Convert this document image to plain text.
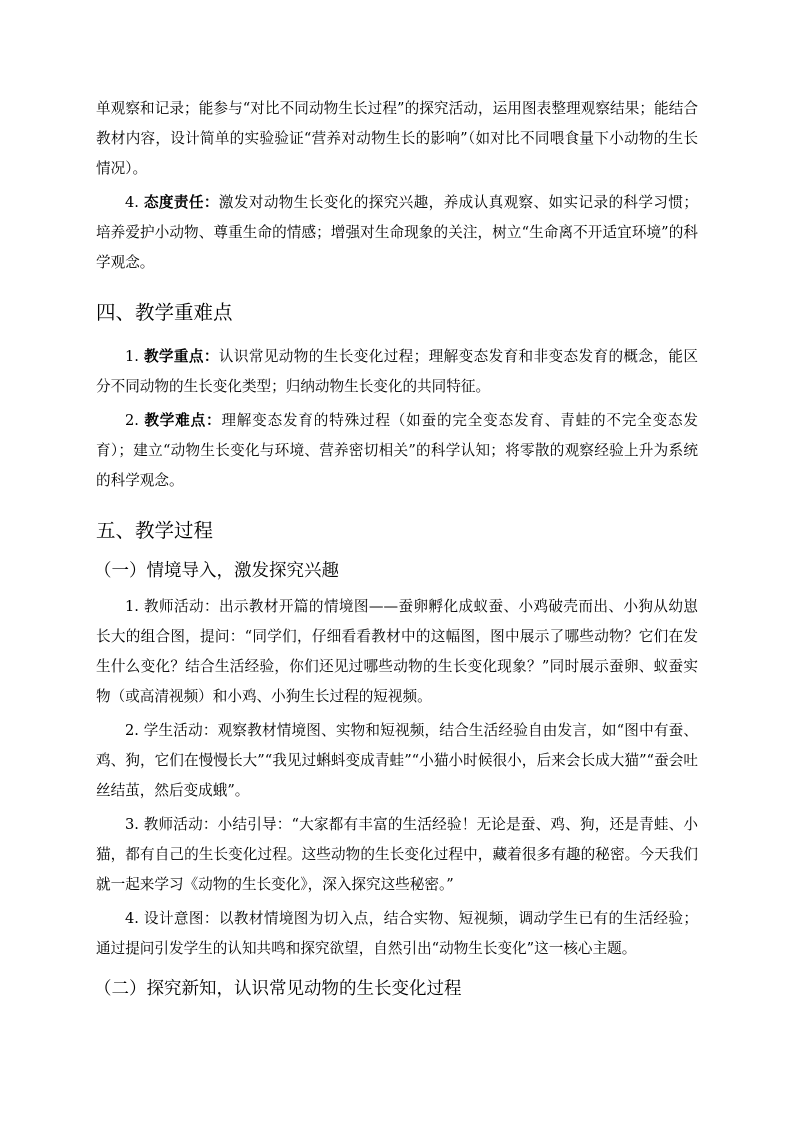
单观察和记录；能参与“对比不同动物生长过程”的探究活动，运用图表整理观察结果；能结合教材内容，设计简单的实验验证“营养对动物生长的影响”（如对比不同喂食量下小动物的生长情况）。

4. 态度责任：激发对动物生长变化的探究兴趣，养成认真观察、如实记录的科学习惯；培养爱护小动物、尊重生命的情感；增强对生命现象的关注，树立“生命离不开适宜环境”的科学观念。

四、教学重难点

1. 教学重点：认识常见动物的生长变化过程；理解变态发育和非变态发育的概念，能区分不同动物的生长变化类型；归纳动物生长变化的共同特征。

2. 教学难点：理解变态发育的特殊过程（如蚕的完全变态发育、青蛙的不完全变态发育）；建立“动物生长变化与环境、营养密切相关”的科学认知；将零散的观察经验上升为系统的科学观念。

五、教学过程
（一）情境导入，激发探究兴趣

1. 教师活动：出示教材开篇的情境图——蚕卵孵化成蚁蚕、小鸡破壳而出、小狗从幼崽长大的组合图，提问：“同学们，仔细看看教材中的这幅图，图中展示了哪些动物？它们在发生什么变化？结合生活经验，你们还见过哪些动物的生长变化现象？”同时展示蚕卵、蚁蚕实物（或高清视频）和小鸡、小狗生长过程的短视频。

2. 学生活动：观察教材情境图、实物和短视频，结合生活经验自由发言，如“图中有蚕、鸡、狗，它们在慢慢长大”“我见过蝌蚪变成青蛙”“小猫小时候很小，后来会长成大猫”“蚕会吐丝结茧，然后变成蛾”。

3. 教师活动：小结引导：“大家都有丰富的生活经验！无论是蚕、鸡、狗，还是青蛙、小猫，都有自己的生长变化过程。这些动物的生长变化过程中，藏着很多有趣的秘密。今天我们就一起来学习《动物的生长变化》，深入探究这些秘密。”

4. 设计意图：以教材情境图为切入点，结合实物、短视频，调动学生已有的生活经验；通过提问引发学生的认知共鸣和探究欲望，自然引出“动物生长变化”这一核心主题。

（二）探究新知，认识常见动物的生长变化过程
